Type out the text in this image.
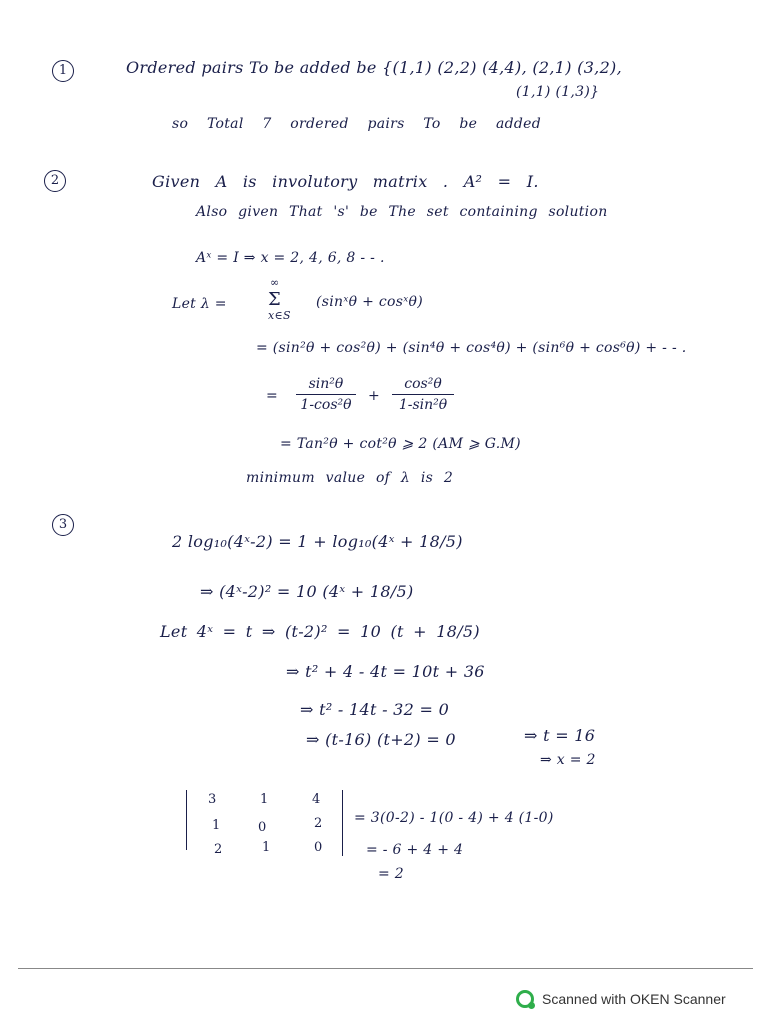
1	Ordered pairs To be added be {(1,1) (2,2) (4,4), (2,1) (3,2),
(1,1) (1,3)}
so Total 7 ordered pairs To be added
2	Given A is involutory matrix . A² = I.
Also given That 's' be The set containing solution
Aˣ = I ⇒ x = 2, 4, 6, 8 - - .
Let λ =
∞
Σ
x∈S
(sinˣθ + cosˣθ)
= (sin²θ + cos²θ) + (sin⁴θ + cos⁴θ) + (sin⁶θ + cos⁶θ) + - - .
=
sin²θ
1-cos²θ
+
cos²θ
1-sin²θ
= Tan²θ + cot²θ ⩾ 2 (AM ⩾ G.M)
minimum value of λ is 2
3
2 log₁₀(4ˣ-2) = 1 + log₁₀(4ˣ + 18/5)
⇒ (4ˣ-2)² = 10 (4ˣ + 18/5)
Let 4ˣ = t ⇒ (t-2)² = 10 (t + 18/5)
⇒ t² + 4 - 4t = 10t + 36
⇒ t² - 14t - 32 = 0
⇒ (t-16) (t+2) = 0	⇒ t = 16
⇒ x = 2
3	1	4
1	0	2
2	1	0
= 3(0-2) - 1(0 - 4) + 4 (1-0)
= - 6 + 4 + 4
= 2
Scanned with OKEN Scanner
